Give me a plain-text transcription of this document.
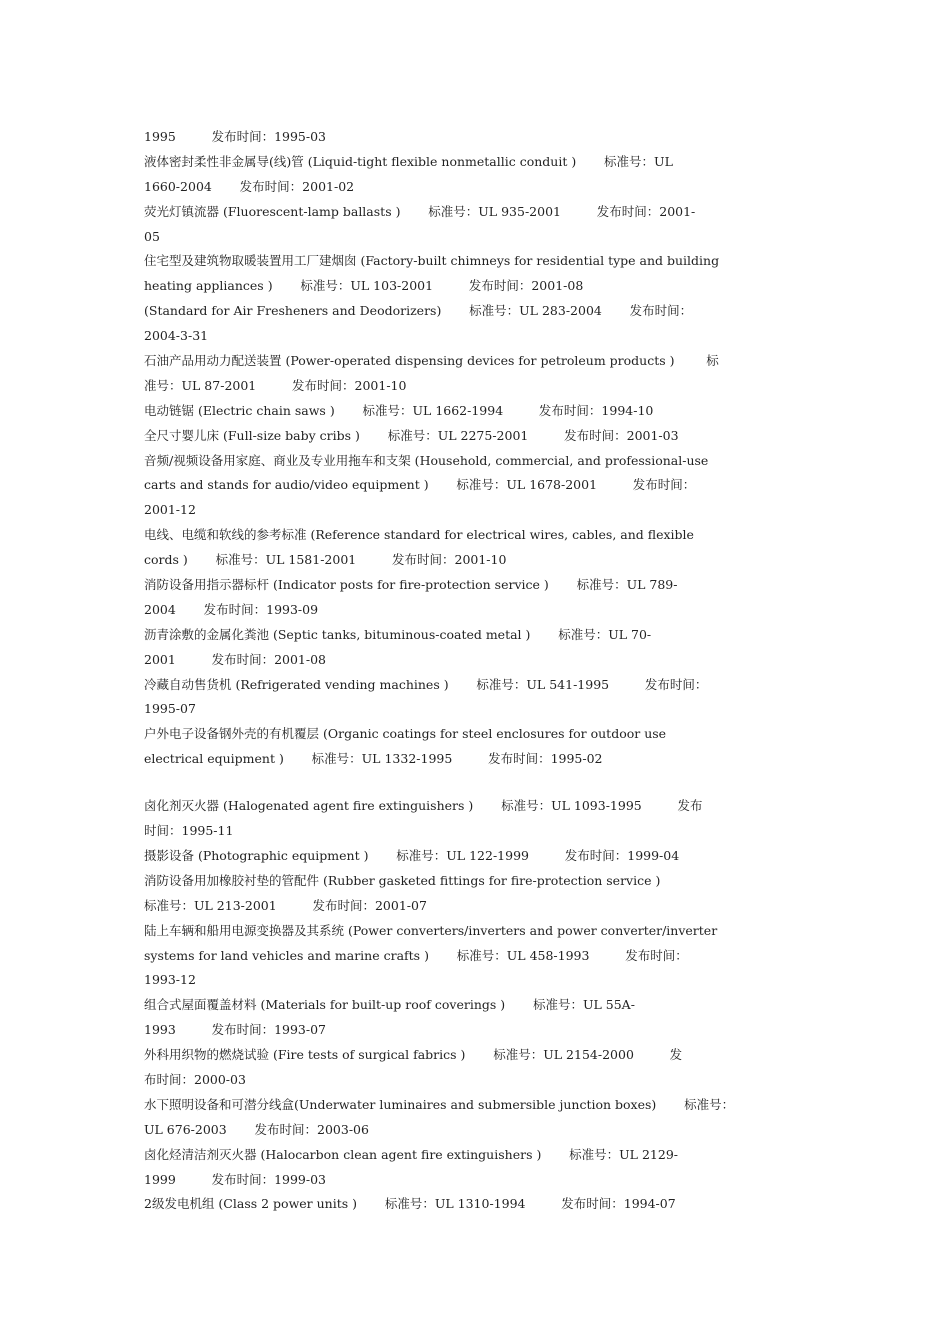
1995         发布时间：1995-03
液体密封柔性非金属导(线)管 (Liquid-tight flexible nonmetallic conduit )       标准号：UL
1660-2004       发布时间：2001-02
荧光灯镇流器 (Fluorescent-lamp ballasts )       标准号：UL 935-2001         发布时间：2001-
05
住宅型及建筑物取暖装置用工厂建烟囱 (Factory-built chimneys for residential type and building
heating appliances )       标准号：UL 103-2001         发布时间：2001-08
(Standard for Air Fresheners and Deodorizers)       标准号：UL 283-2004       发布时间：
2004-3-31
石油产品用动力配送装置 (Power-operated dispensing devices for petroleum products )        标
准号：UL 87-2001         发布时间：2001-10
电动链锯 (Electric chain saws )       标准号：UL 1662-1994         发布时间：1994-10
全尺寸婴儿床 (Full-size baby cribs )       标准号：UL 2275-2001         发布时间：2001-03
音频/视频设备用家庭、商业及专业用拖车和支架 (Household, commercial, and professional-use
carts and stands for audio/video equipment )       标准号：UL 1678-2001         发布时间：
2001-12
电线、电缆和软线的参考标准 (Reference standard for electrical wires, cables, and flexible
cords )       标准号：UL 1581-2001         发布时间：2001-10
消防设备用指示器标杆 (Indicator posts for fire-protection service )       标准号：UL 789-
2004       发布时间：1993-09
沥青涂敷的金属化粪池 (Septic tanks, bituminous-coated metal )       标准号：UL 70-
2001         发布时间：2001-08
冷藏自动售货机 (Refrigerated vending machines )       标准号：UL 541-1995         发布时间：
1995-07
户外电子设备钢外壳的有机覆层 (Organic coatings for steel enclosures for outdoor use
electrical equipment )       标准号：UL 1332-1995         发布时间：1995-02
卤化剂灭火器 (Halogenated agent fire extinguishers )       标准号：UL 1093-1995         发布
时间：1995-11
摄影设备 (Photographic equipment )       标准号：UL 122-1999         发布时间：1999-04
消防设备用加橡胶衬垫的管配件 (Rubber gasketed fittings for fire-protection service )
标准号：UL 213-2001         发布时间：2001-07
陆上车辆和船用电源变换器及其系统 (Power converters/inverters and power converter/inverter
systems for land vehicles and marine crafts )       标准号：UL 458-1993         发布时间：
1993-12
组合式屋面覆盖材料 (Materials for built-up roof coverings )       标准号：UL 55A-
1993         发布时间：1993-07
外科用织物的燃烧试验 (Fire tests of surgical fabrics )       标准号：UL 2154-2000         发
布时间：2000-03
水下照明设备和可潜分线盒(Underwater luminaires and submersible junction boxes)       标准号：
UL 676-2003       发布时间：2003-06
卤化烃清洁剂灭火器 (Halocarbon clean agent fire extinguishers )       标准号：UL 2129-
1999         发布时间：1999-03
2级发电机组 (Class 2 power units )       标准号：UL 1310-1994         发布时间：1994-07
